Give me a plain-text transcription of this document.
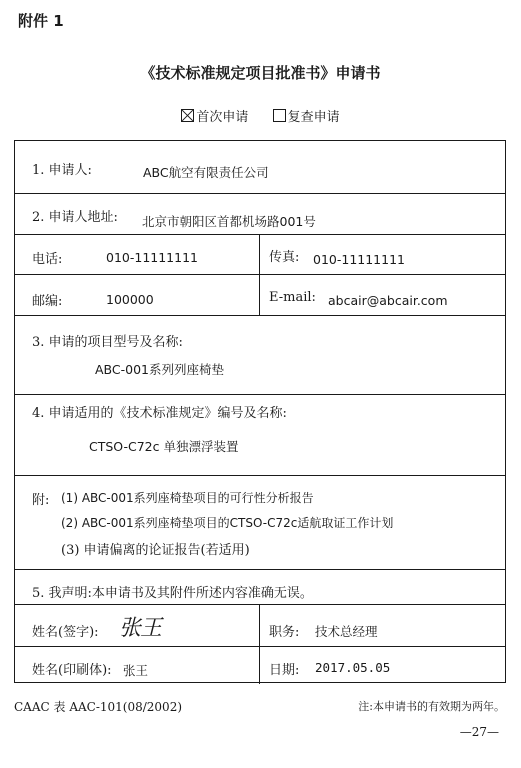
附件 1
《技术标准规定项目批准书》申请书
首次申请	复查申请
1. 申请人:	ABC航空有限责任公司
2. 申请人地址: 北京市朝阳区首都机场路001号
电话:	010-11111111	传真: 010-11111111
邮编:	100000	E-mail: abcair@abcair.com
3. 申请的项目型号及名称:
ABC-001系列列座椅垫
4. 申请适用的《技术标准规定》编号及名称:
CTSO-C72c 单独漂浮装置
附: (1) ABC-001系列座椅垫项目的可行性分析报告
(2) ABC-001系列座椅垫项目的CTSO-C72c适航取证工作计划
(3) 申请偏离的论证报告(若适用)
5. 我声明:本申请书及其附件所述内容准确无误。
姓名(签字): 张王	职务: 技术总经理
姓名(印刷体): 张王	日期: 2017.05.05
CAAC 表 AAC-101(08/2002)	注:本申请书的有效期为两年。
—27—
